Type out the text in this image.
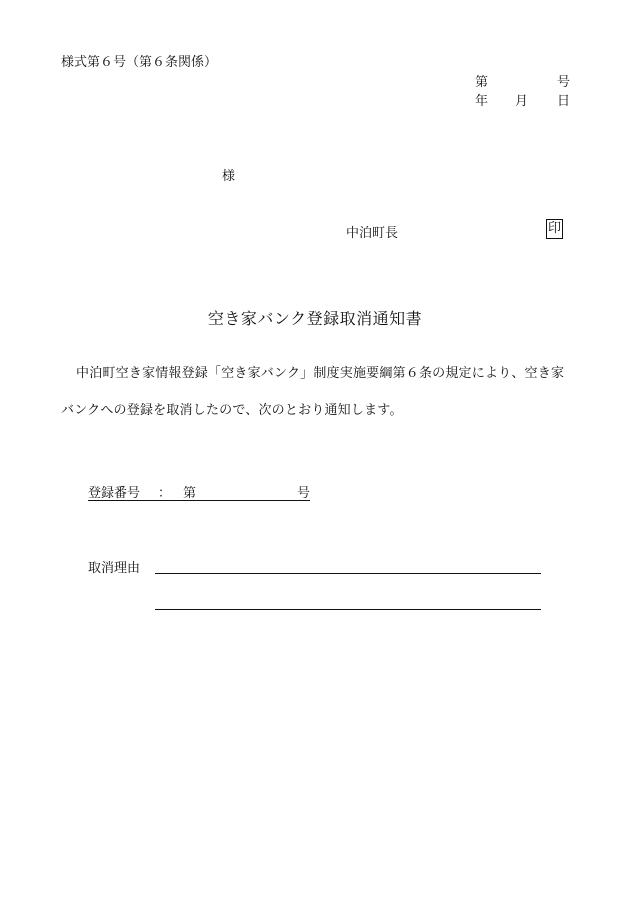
様式第６号（第６条関係）
第	号
年 月 日
様
中泊町長	印
空き家バンク登録取消通知書
中泊町空き家情報登録「空き家バンク」制度実施要綱第６条の規定により、空き家
バンクへの登録を取消したので、次のとおり通知します。
登録番号 ： 第	号
取消理由
